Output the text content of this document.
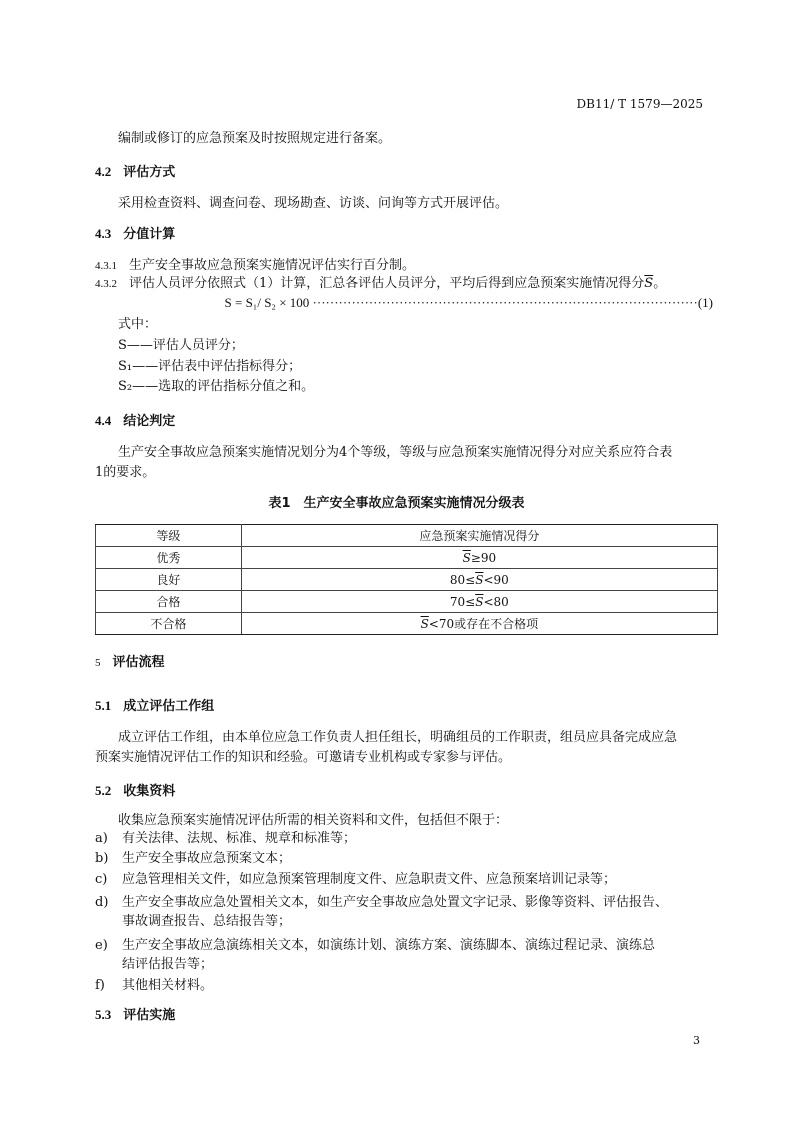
DB11/ T 1579—2025
编制或修订的应急预案及时按照规定进行备案。
4.2 评估方式
采用检查资料、调查问卷、现场勘查、访谈、问询等方式开展评估。
4.3 分值计算
4.3.1 生产安全事故应急预案实施情况评估实行百分制。
4.3.2 评估人员评分依照式（1）计算，汇总各评估人员评分，平均后得到应急预案实施情况得分$\overline{S}$。
S = S₁/ S₂ × 100 ·························································································(1)
式中：
S——评估人员评分；
S₁——评估表中评估指标得分；
S₂——选取的评估指标分值之和。
4.4 结论判定
生产安全事故应急预案实施情况划分为4个等级，等级与应急预案实施情况得分对应关系应符合表
1的要求。
表1　生产安全事故应急预案实施情况分级表
等级	应急预案实施情况得分
优秀	$\overline{S}\ge 90$
良好	$80\le\overline{S}<90$
合格	$70\le\overline{S}<80$
不合格	$\overline{S}<70$或存在不合格项
5 评估流程
5.1 成立评估工作组
成立评估工作组，由本单位应急工作负责人担任组长，明确组员的工作职责，组员应具备完成应急
预案实施情况评估工作的知识和经验。可邀请专业机构或专家参与评估。
5.2 收集资料
收集应急预案实施情况评估所需的相关资料和文件，包括但不限于：
a) 有关法律、法规、标准、规章和标准等；
b) 生产安全事故应急预案文本；
c) 应急管理相关文件，如应急预案管理制度文件、应急职责文件、应急预案培训记录等；
d) 生产安全事故应急处置相关文本，如生产安全事故应急处置文字记录、影像等资料、评估报告、
事故调查报告、总结报告等；
e) 生产安全事故应急演练相关文本，如演练计划、演练方案、演练脚本、演练过程记录、演练总
结评估报告等；
f) 其他相关材料。
5.3 评估实施
3
